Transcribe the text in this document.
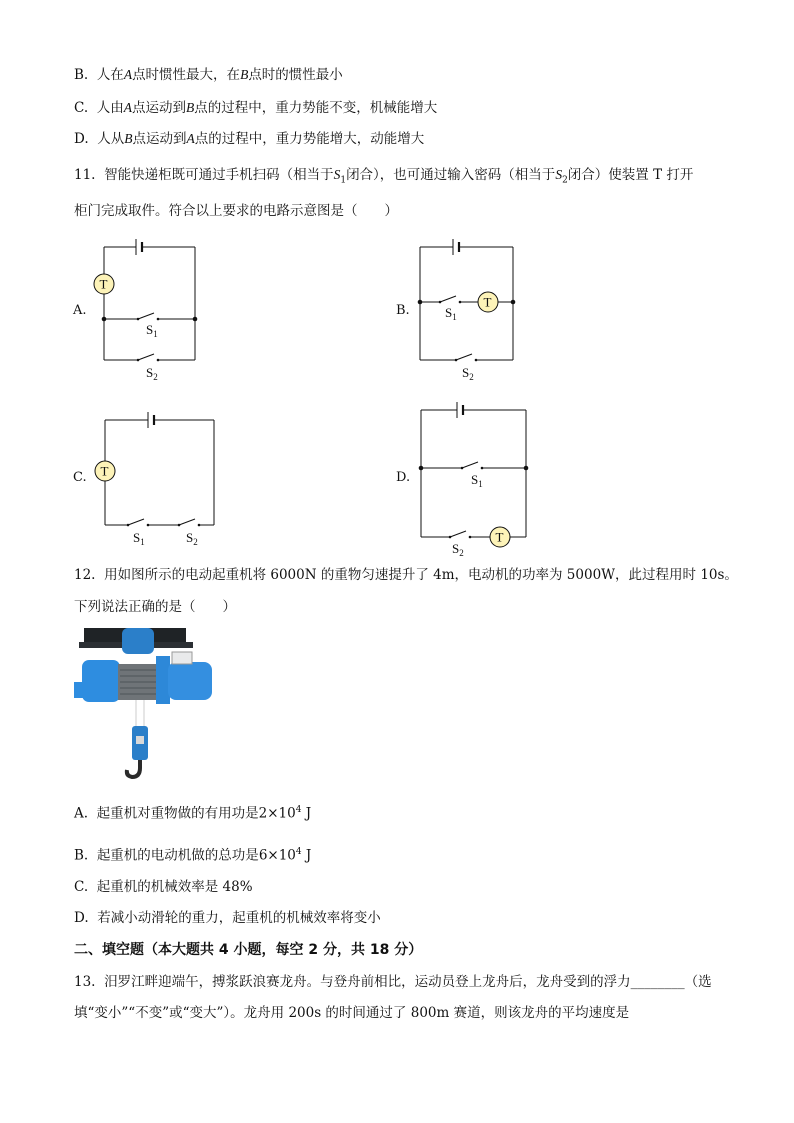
B. 人在A点时惯性最大，在B点时的惯性最小
C. 人由A点运动到B点的过程中，重力势能不变，机械能增大
D. 人从B点运动到A点的过程中，重力势能增大，动能增大
11. 智能快递柜既可通过手机扫码（相当于$S_1$闭合），也可通过输入密码（相当于$S_2$闭合）使装置 T 打开
柜门完成取件。符合以上要求的电路示意图是（　　）
A.
T
$S_1$
$S_2$
B.
T
$S_1$
$S_2$
C. T
$S_1$	$S_2$
D.
T
$S_1$
$S_2$
12. 用如图所示的电动起重机将 6000N 的重物匀速提升了 4m，电动机的功率为 5000W，此过程用时 10s。
下列说法正确的是（　　）
A. 起重机对重物做的有用功是$2\times 10^4$ J
B. 起重机的电动机做的总功是$6\times 10^4$ J
C. 起重机的机械效率是 48%
D. 若减小动滑轮的重力，起重机的机械效率将变小
二、填空题（本大题共 4 小题，每空 2 分，共 18 分）
13. 汨罗江畔迎端午，搏浆跃浪赛龙舟。与登舟前相比，运动员登上龙舟后，龙舟受到的浮力________（选
填“变小”“不变”或“变大”）。龙舟用 200s 的时间通过了 800m 赛道，则该龙舟的平均速度是
